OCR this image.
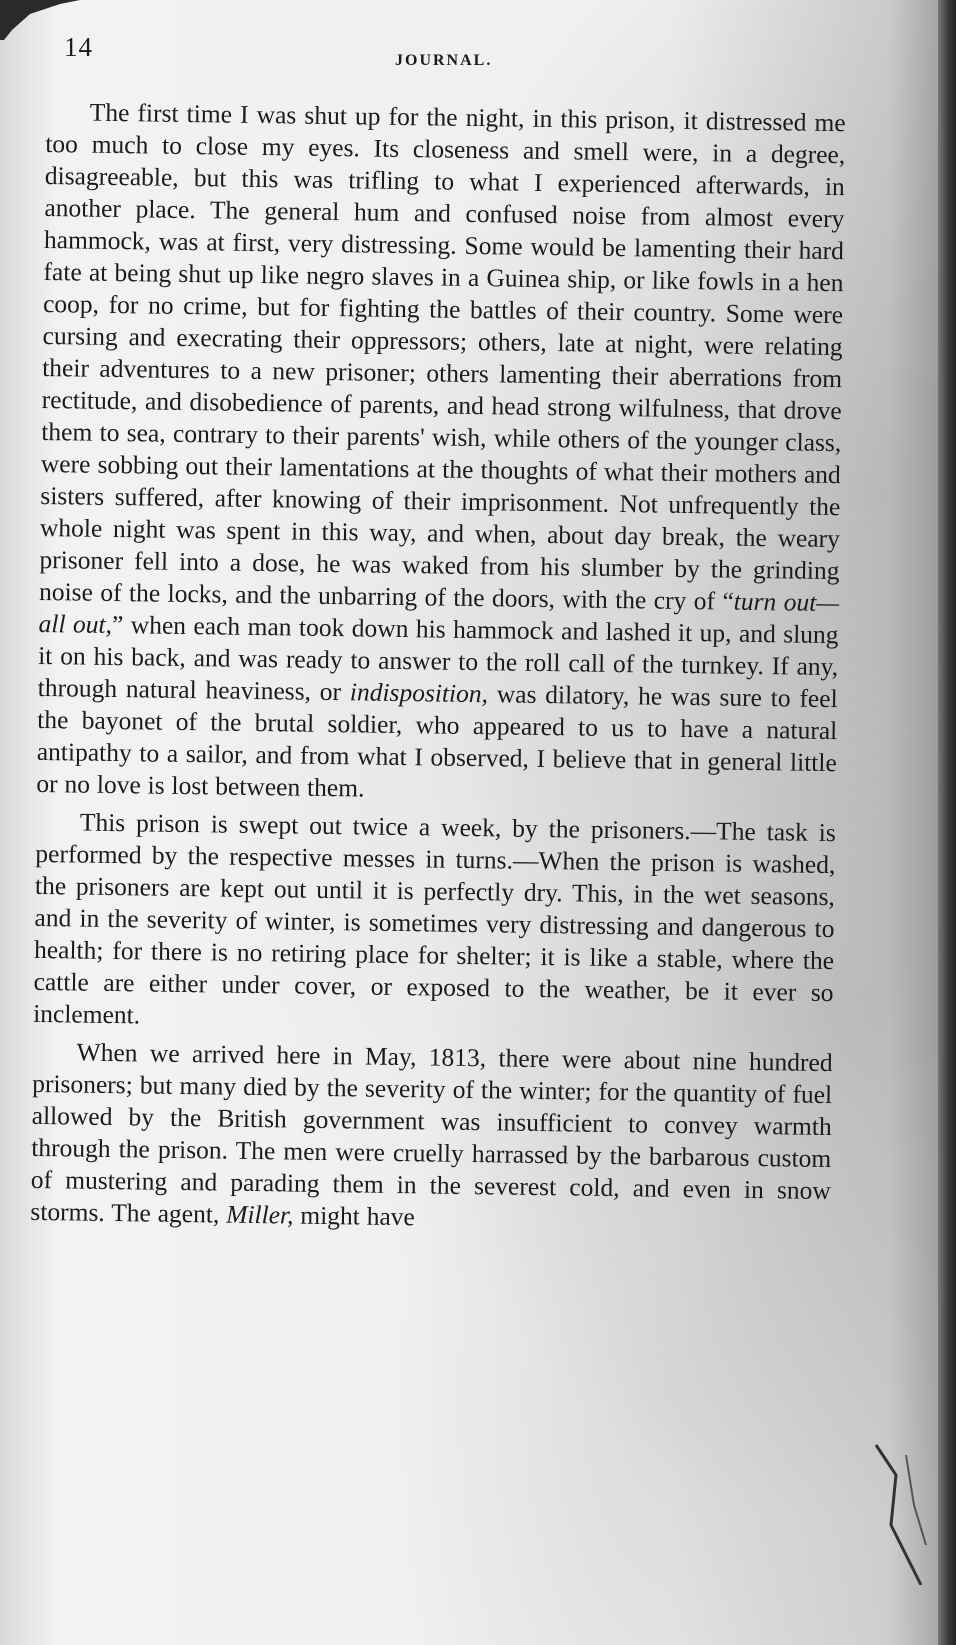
14	JOURNAL.

The first time I was shut up for the night, in this prison, it distressed me too much to close my eyes. Its closeness and smell were, in a degree, disagreeable, but this was trifling to what I experienced afterwards, in another place. The general hum and confused noise from almost every hammock, was at first, very distressing. Some would be lamenting their hard fate at being shut up like negro slaves in a Guinea ship, or like fowls in a hen coop, for no crime, but for fighting the battles of their country. Some were cursing and execrating their oppressors; others, late at night, were relating their adventures to a new prisoner; others lamenting their aberrations from rectitude, and disobedience of parents, and head strong wilfulness, that drove them to sea, contrary to their parents' wish, while others of the younger class, were sobbing out their lamentations at the thoughts of what their mothers and sisters suffered, after knowing of their imprisonment. Not unfrequently the whole night was spent in this way, and when, about day break, the weary prisoner fell into a dose, he was waked from his slumber by the grinding noise of the locks, and the unbarring of the doors, with the cry of “turn out—all out,” when each man took down his hammock and lashed it up, and slung it on his back, and was ready to answer to the roll call of the turnkey. If any, through natural heaviness, or indisposition, was dilatory, he was sure to feel the bayonet of the brutal soldier, who appeared to us to have a natural antipathy to a sailor, and from what I observed, I believe that in general little or no love is lost between them.

This prison is swept out twice a week, by the prisoners.—The task is performed by the respective messes in turns.—When the prison is washed, the prisoners are kept out until it is perfectly dry. This, in the wet seasons, and in the severity of winter, is sometimes very distressing and dangerous to health; for there is no retiring place for shelter; it is like a stable, where the cattle are either under cover, or exposed to the weather, be it ever so inclement.

When we arrived here in May, 1813, there were about nine hundred prisoners; but many died by the severity of the winter; for the quantity of fuel allowed by the British government was insufficient to convey warmth through the prison. The men were cruelly harrassed by the barbarous custom of mustering and parading them in the severest cold, and even in snow storms. The agent, Miller, might have
